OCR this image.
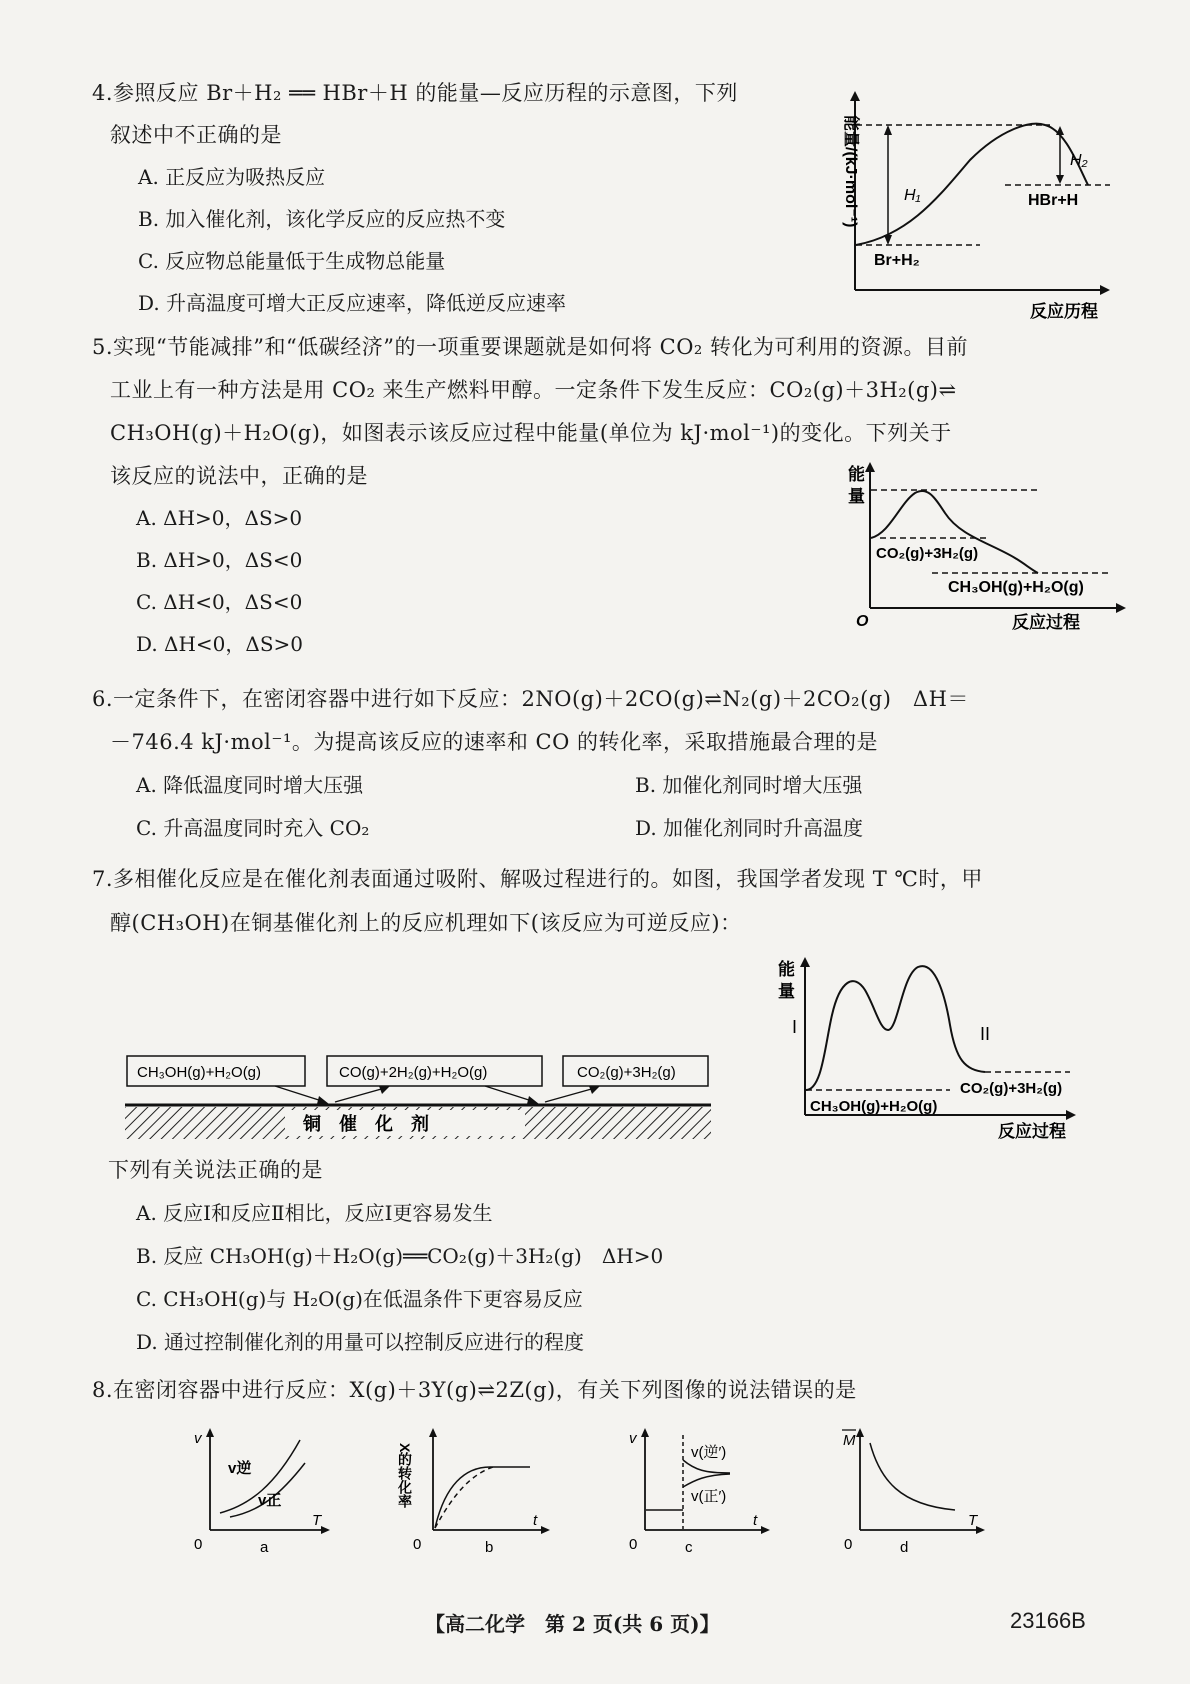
4.参照反应 Br＋H₂ ══ HBr＋H 的能量—反应历程的示意图，下列
叙述中不正确的是
A. 正反应为吸热反应
B. 加入催化剂，该化学反应的反应热不变
C. 反应物总能量低于生成物总能量
D. 升高温度可增大正反应速率，降低逆反应速率
能量/(kJ·mol⁻¹)
反应历程
H₁
H₂
HBr+H
Br+H₂
5.实现“节能减排”和“低碳经济”的一项重要课题就是如何将 CO₂ 转化为可利用的资源。目前
工业上有一种方法是用 CO₂ 来生产燃料甲醇。一定条件下发生反应：CO₂(g)＋3H₂(g)⇌
CH₃OH(g)＋H₂O(g)，如图表示该反应过程中能量(单位为 kJ·mol⁻¹)的变化。下列关于
该反应的说法中，正确的是
A. ΔH>0，ΔS>0
B. ΔH>0，ΔS<0
C. ΔH<0，ΔS<0
D. ΔH<0，ΔS>0
能
量
O	反应过程
CO₂(g)+3H₂(g)
CH₃OH(g)+H₂O(g)
6.一定条件下，在密闭容器中进行如下反应：2NO(g)＋2CO(g)⇌N₂(g)＋2CO₂(g)　ΔH＝
－746.4 kJ·mol⁻¹。为提高该反应的速率和 CO 的转化率，采取措施最合理的是
A. 降低温度同时增大压强	B. 加催化剂同时增大压强
C. 升高温度同时充入 CO₂	D. 加催化剂同时升高温度
7.多相催化反应是在催化剂表面通过吸附、解吸过程进行的。如图，我国学者发现 T ℃时，甲
醇(CH₃OH)在铜基催化剂上的反应机理如下(该反应为可逆反应)：
CH₃OH(g)+H₂O(g)	CO(g)+2H₂(g)+H₂O(g)	CO₂(g)+3H₂(g)
铜　催　化　剂
能
量
反应过程
I	II
CH₃OH(g)+H₂O(g)
CO₂(g)+3H₂(g)
下列有关说法正确的是
A. 反应Ⅰ和反应Ⅱ相比，反应Ⅰ更容易发生
B. 反应 CH₃OH(g)＋H₂O(g)══CO₂(g)＋3H₂(g)　ΔH>0
C. CH₃OH(g)与 H₂O(g)在低温条件下更容易反应
D. 通过控制催化剂的用量可以控制反应进行的程度
8.在密闭容器中进行反应：X(g)＋3Y(g)⇌2Z(g)，有关下列图像的说法错误的是
v
T
0	a
v逆
v正	X的转化率
t
0	b
v
t
0	c
v(逆′)
v(正′)
M
T
0	d
【高二化学　第 2 页(共 6 页)】	23166B
